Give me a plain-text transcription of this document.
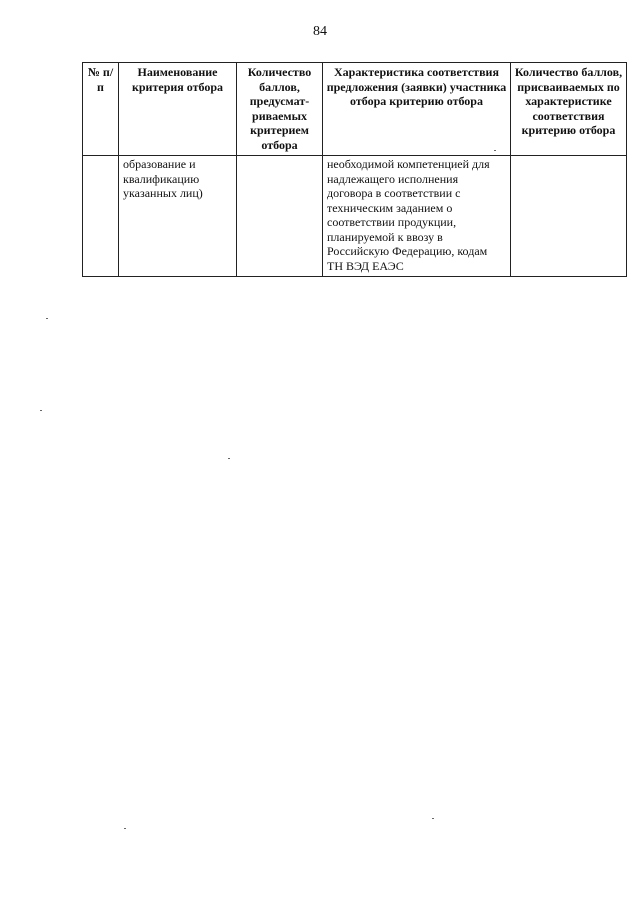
84
№ п/п	Наименование критерия отбора	Количество баллов, предусмат-риваемых критерием отбора	Характеристика соответствия предложения (заявки) участника отбора критерию отбора	Количество баллов, присваиваемых по характеристике соответствия критерию отбора
	образование и квалификацию указанных лиц)		необходимой компетенцией для надлежащего исполнения договора в соответствии с техническим заданием о соответствии продукции, планируемой к ввозу в Российскую Федерацию, кодам ТН ВЭД ЕАЭС	
